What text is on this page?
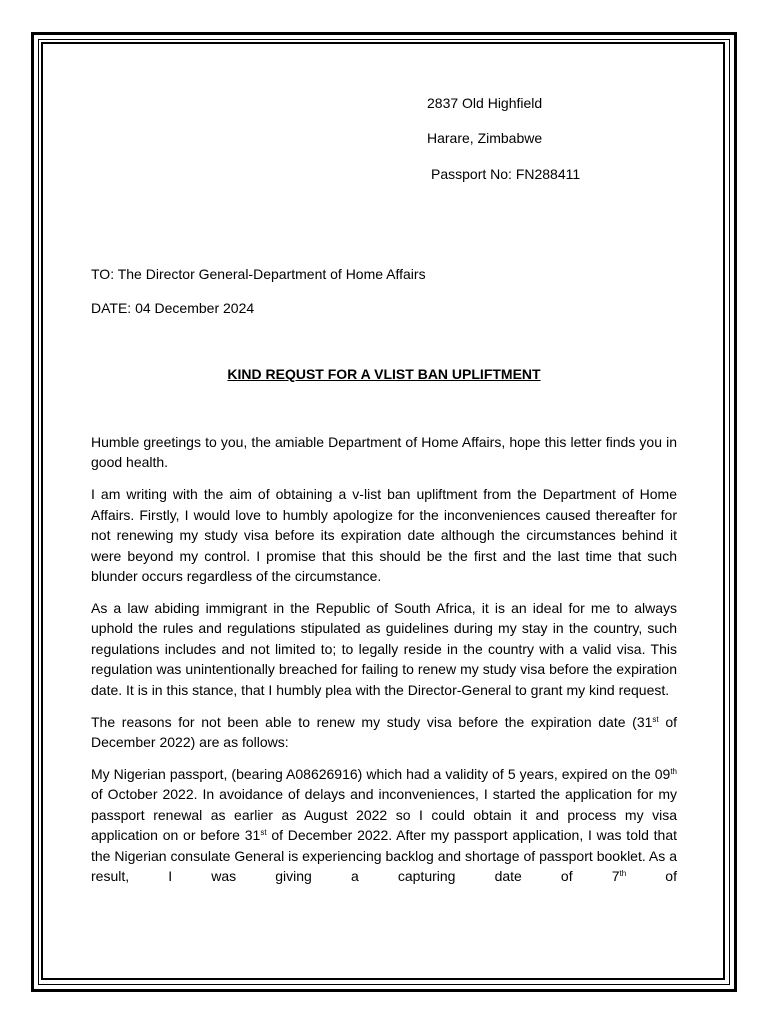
2837 Old Highfield
Harare, Zimbabwe
Passport No: FN288411
TO: The Director General-Department of Home Affairs
DATE: 04 December 2024
KIND REQUST FOR A VLIST BAN UPLIFTMENT

Humble greetings to you, the amiable Department of Home Affairs, hope this letter finds you in good health.

I am writing with the aim of obtaining a v-list ban upliftment from the Department of Home Affairs. Firstly, I would love to humbly apologize for the inconveniences caused thereafter for not renewing my study visa before its expiration date although the circumstances behind it were beyond my control. I promise that this should be the first and the last time that such blunder occurs regardless of the circumstance.

As a law abiding immigrant in the Republic of South Africa, it is an ideal for me to always uphold the rules and regulations stipulated as guidelines during my stay in the country, such regulations includes and not limited to; to legally reside in the country with a valid visa. This regulation was unintentionally breached for failing to renew my study visa before the expiration date. It is in this stance, that I humbly plea with the Director-General to grant my kind request.

The reasons for not been able to renew my study visa before the expiration date (31st of December 2022) are as follows:

My Nigerian passport, (bearing A08626916) which had a validity of 5 years, expired on the 09th of October 2022. In avoidance of delays and inconveniences, I started the application for my passport renewal as earlier as August 2022 so I could obtain it and process my visa application on or before 31st of December 2022. After my passport application, I was told that the Nigerian consulate General is experiencing backlog and shortage of passport booklet. As a result, I was giving a capturing date of 7th of
